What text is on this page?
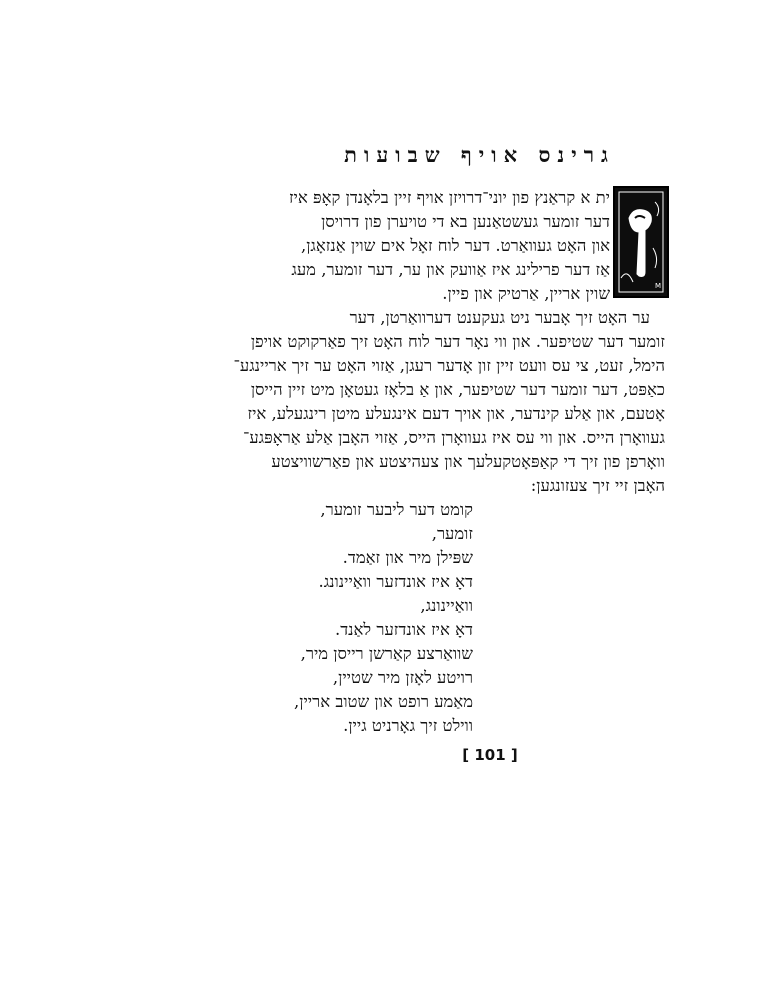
גרינס אויף שבועות
M
ית א קראַנץ פון יוני־דרויזן אויף זיין בלאָנדן קאָפּ איז
דער זומער געשטאַנען בא די טויערן פון דרויסן
און האָט געוואַרט. דער לוח זאָל אים שוין אַנזאָגן,
אַז דער פרילינג איז אַוועק און ער, דער זומער, מעג
שוין אריין, אַרטיק און פיין.
ער האָט זיך אָבער ניט געקענט דערוואַרטן, דער
זומער דער שטיפער. און ווי נאָר דער לוח האָט זיך פאַרקוקט אויפן
הימל, זעט, צי עס וועט זיין זון אָדער רעגן, אַזוי האָט ער זיך אריינגע־
כאַפּט, דער זומער דער שטיפער, און אַ בלאָז געטאָן מיט זיין הייסן
אָטעם, און אַלע קינדער, און אויך דעם אינגעלע מיטן רינגעלע, איז
געוואָרן הייס. און ווי עס איז געוואָרן הייס, אַזוי האָבן אַלע אַראָפּגע־
וואָרפן פון זיך די קאַפּאָטקעלעך און צעהיצטע און פאַרשוויצטע
האָבן זיי זיך צעזונגען:
קומט דער ליבער זומער,
זומער,
שפּילן מיר און זאַמד.
דאָ איז אונדזער וואַיינונג.
וואַיינונג,
דאָ איז אונדזער לאַנד.
שוואַרצע קאַרשן רייסן מיר,
רויטע לאָזן מיר שטיין,
מאַמע רופט און שטוב אריין,
ווילט זיך גאָרניט גיין.
[ 101 ]
